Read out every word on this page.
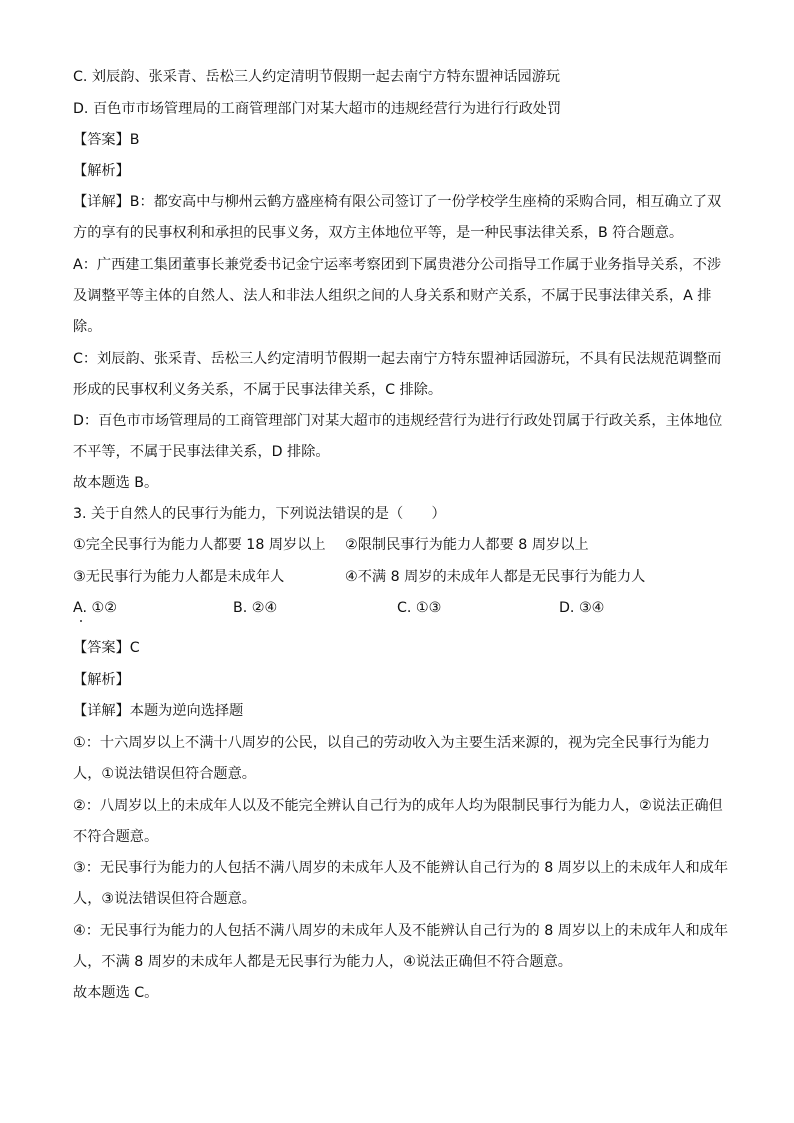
C. 刘辰韵、张采青、岳松三人约定清明节假期一起去南宁方特东盟神话园游玩
D. 百色市市场管理局的工商管理部门对某大超市的违规经营行为进行行政处罚
【答案】B
【解析】
【详解】B：都安高中与柳州云鹤方盛座椅有限公司签订了一份学校学生座椅的采购合同，相互确立了双
方的享有的民事权利和承担的民事义务，双方主体地位平等，是一种民事法律关系，B 符合题意。
A：广西建工集团董事长兼党委书记金宁运率考察团到下属贵港分公司指导工作属于业务指导关系，不涉
及调整平等主体的自然人、法人和非法人组织之间的人身关系和财产关系，不属于民事法律关系，A 排
除。
C：刘辰韵、张采青、岳松三人约定清明节假期一起去南宁方特东盟神话园游玩，不具有民法规范调整而
形成的民事权利义务关系，不属于民事法律关系，C 排除。
D：百色市市场管理局的工商管理部门对某大超市的违规经营行为进行行政处罚属于行政关系，主体地位
不平等，不属于民事法律关系，D 排除。
故本题选 B。
3. 关于自然人的民事行为能力，下列说法错误的是（　　）
①完全民事行为能力人都要 18 周岁以上 ②限制民事行为能力人都要 8 周岁以上
③无民事行为能力人都是未成年人	④不满 8 周岁的未成年人都是无民事行为能力人
A. ①②	B. ②④	C. ①③	D. ③④
【答案】C
【解析】
【详解】本题为逆向选择题
①：十六周岁以上不满十八周岁的公民，以自己的劳动收入为主要生活来源的，视为完全民事行为能力
人，①说法错误但符合题意。
②：八周岁以上的未成年人以及不能完全辨认自己行为的成年人均为限制民事行为能力人，②说法正确但
不符合题意。
③：无民事行为能力的人包括不满八周岁的未成年人及不能辨认自己行为的 8 周岁以上的未成年人和成年
人，③说法错误但符合题意。
④：无民事行为能力的人包括不满八周岁的未成年人及不能辨认自己行为的 8 周岁以上的未成年人和成年
人，不满 8 周岁的未成年人都是无民事行为能力人，④说法正确但不符合题意。
故本题选 C。
